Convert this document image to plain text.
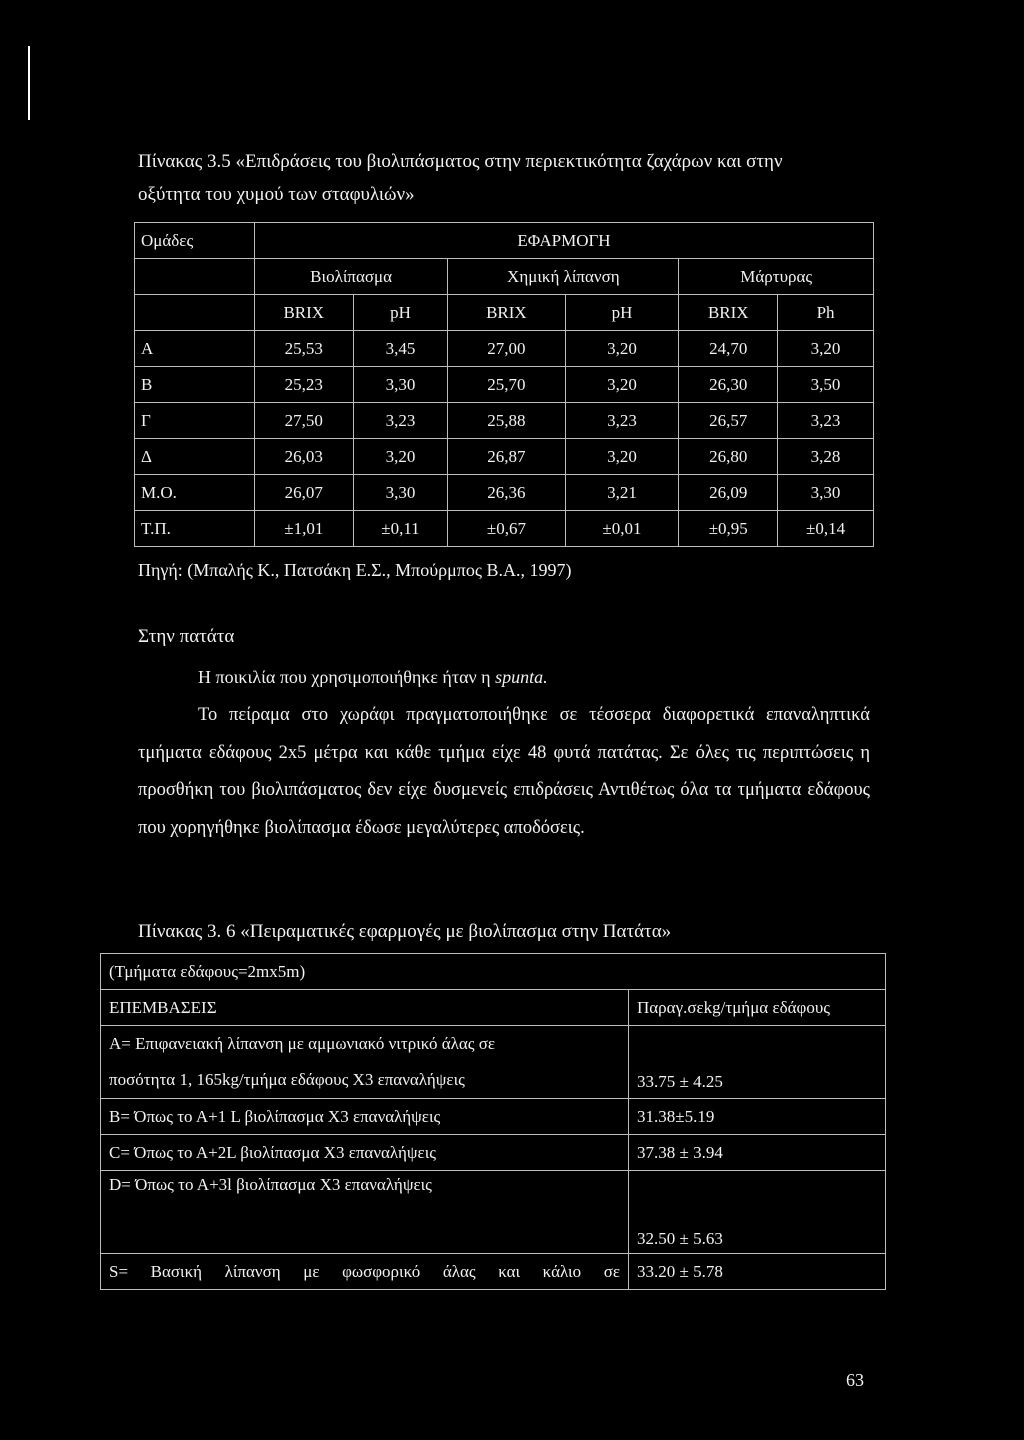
Πίνακας 3.5 «Επιδράσεις του βιολιπάσματος στην περιεκτικότητα ζαχάρων και στην
οξύτητα του χυμού των σταφυλιών»
Ομάδες	ΕΦΑΡΜΟΓΗ					
	Βιολίπασμα		Χημική λίπανση		Μάρτυρας	
	BRIX	pH	BRIX	pH	BRIX	Ph
Α	25,53	3,45	27,00	3,20	24,70	3,20
Β	25,23	3,30	25,70	3,20	26,30	3,50
Γ	27,50	3,23	25,88	3,23	26,57	3,23
Δ	26,03	3,20	26,87	3,20	26,80	3,28
Μ.Ο.	26,07	3,30	26,36	3,21	26,09	3,30
Τ.Π.	±1,01	±0,11	±0,67	±0,01	±0,95	±0,14
Πηγή: (Μπαλής Κ., Πατσάκη Ε.Σ., Μπούρμπος Β.Α., 1997)
Στην πατάτα
Η ποικιλία που χρησιμοποιήθηκε ήταν η spunta.
Το πείραμα στο χωράφι πραγματοποιήθηκε σε τέσσερα διαφορετικά επαναληπτικά τμήματα εδάφους 2x5 μέτρα και κάθε τμήμα είχε 48 φυτά πατάτας. Σε όλες τις περιπτώσεις η προσθήκη του βιολιπάσματος δεν είχε δυσμενείς επιδράσεις Αντιθέτως όλα τα τμήματα εδάφους που χορηγήθηκε βιολίπασμα έδωσε μεγαλύτερες αποδόσεις.
Πίνακας 3. 6 «Πειραματικές εφαρμογές με βιολίπασμα στην Πατάτα»
(Τμήματα εδάφους=2mx5m)	
ΕΠΕΜΒΑΣΕΙΣ	Παραγ.σεkg/τμήμα εδάφους

Α= Επιφανειακή λίπανση με αμμωνιακό νιτρικό άλας σε
ποσότητα 1, 165kg/τμήμα εδάφους Χ3 επαναλήψεις	33.75 ± 4.25
Β= Όπως το Α+1 L βιολίπασμα Χ3 επαναλήψεις	31.38±5.19
C= Όπως το Α+2L βιολίπασμα Χ3 επαναλήψεις	37.38 ± 3.94
D= Όπως το Α+3l βιολίπασμα Χ3 επαναλήψεις	32.50 ± 5.63
S= Βασική λίπανση με φωσφορικό άλας και κάλιο σε	33.20 ± 5.78
63
